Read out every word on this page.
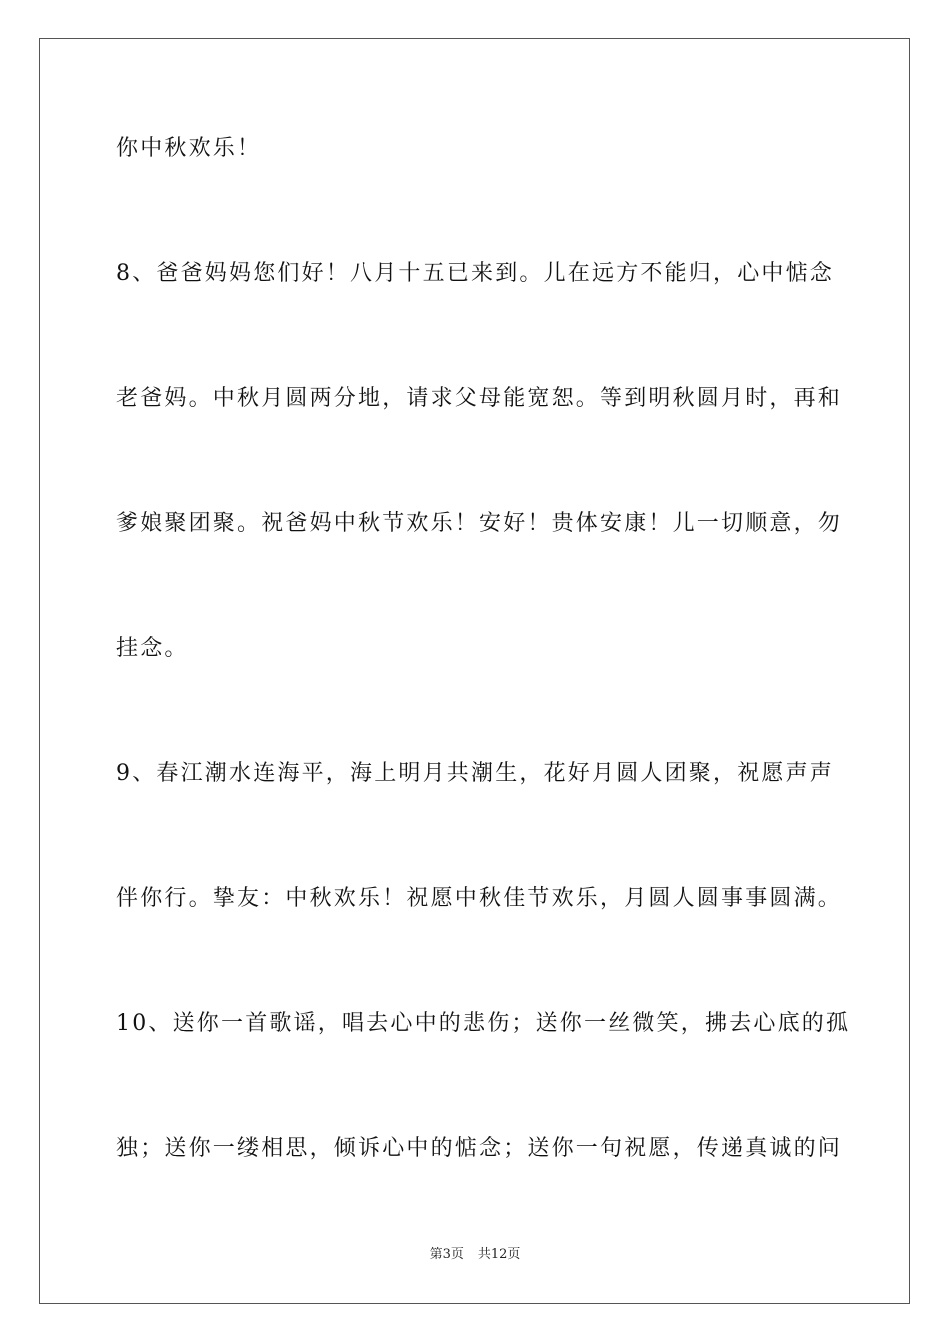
你中秋欢乐！
8、爸爸妈妈您们好！八月十五已来到。儿在远方不能归，心中惦念
老爸妈。中秋月圆两分地，请求父母能宽恕。等到明秋圆月时，再和
爹娘聚团聚。祝爸妈中秋节欢乐！安好！贵体安康！儿一切顺意，勿
挂念。
9、春江潮水连海平，海上明月共潮生，花好月圆人团聚，祝愿声声
伴你行。挚友：中秋欢乐！祝愿中秋佳节欢乐，月圆人圆事事圆满。
10、送你一首歌谣，唱去心中的悲伤；送你一丝微笑，拂去心底的孤
独；送你一缕相思，倾诉心中的惦念；送你一句祝愿，传递真诚的问
第3页 共12页
